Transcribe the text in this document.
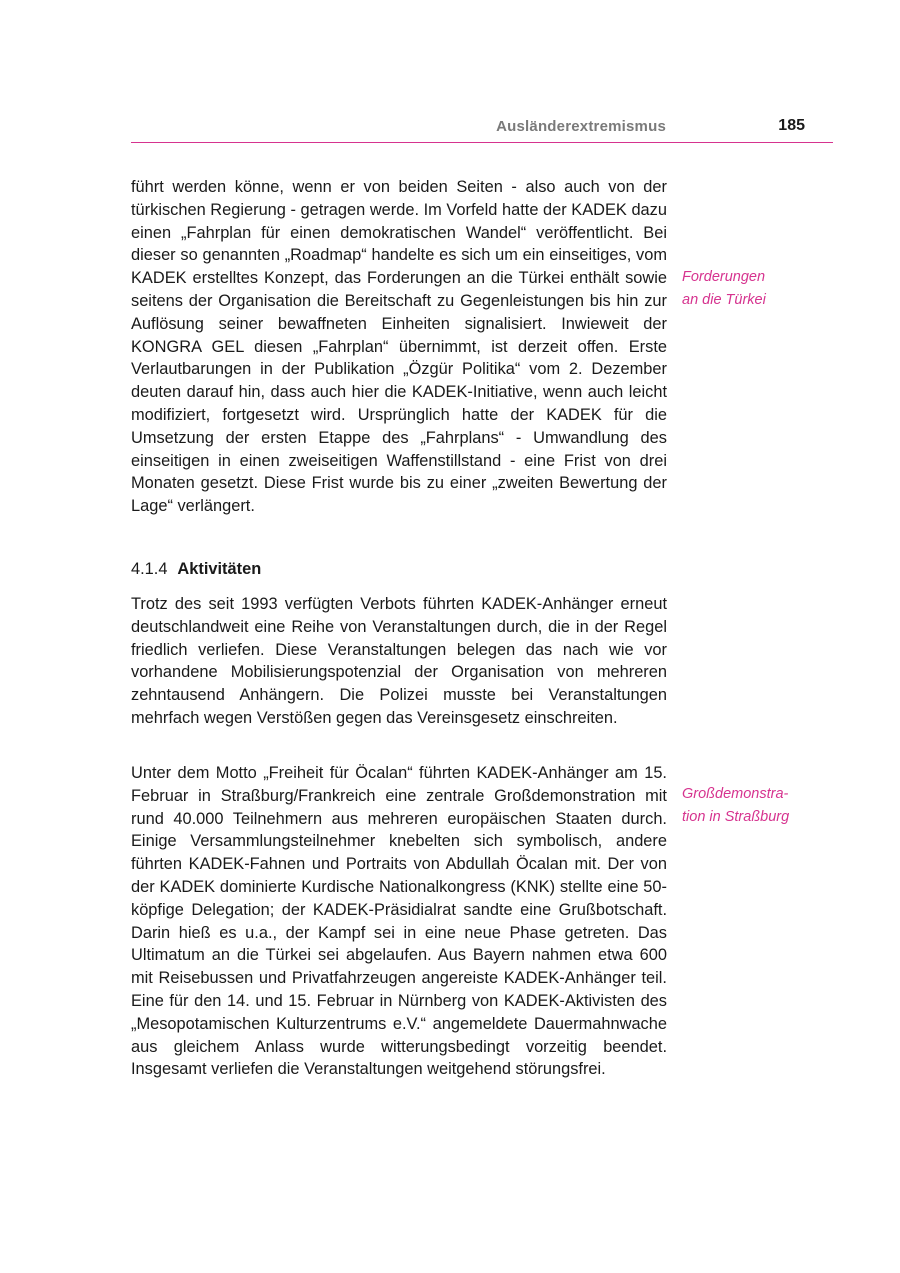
Ausländerextremismus	185

führt werden könne, wenn er von beiden Seiten - also auch von der türkischen Regierung - getragen werde. Im Vorfeld hatte der KADEK dazu einen „Fahrplan für einen demokratischen Wandel“ veröffentlicht. Bei dieser so genannten „Roadmap“ handelte es sich um ein einseitiges, vom KADEK erstelltes Konzept, das Forderungen an die Türkei enthält sowie seitens der Organisation die Bereitschaft zu Gegenleistungen bis hin zur Auflösung seiner bewaffneten Einheiten signalisiert. Inwieweit der KONGRA GEL diesen „Fahrplan“ übernimmt, ist derzeit offen. Erste Verlautbarungen in der Publikation „Özgür Politika“ vom 2. Dezember deuten darauf hin, dass auch hier die KADEK-Initiative, wenn auch leicht modifiziert, fortgesetzt wird. Ursprünglich hatte der KADEK für die Umsetzung der ersten Etappe des „Fahrplans“ - Umwandlung des einseitigen in einen zweiseitigen Waffenstillstand - eine Frist von drei Monaten gesetzt. Diese Frist wurde bis zu einer „zweiten Bewertung der Lage“ verlängert.

Forderungen
an die Türkei
4.1.4 Aktivitäten

Trotz des seit 1993 verfügten Verbots führten KADEK-Anhänger erneut deutschlandweit eine Reihe von Veranstaltungen durch, die in der Regel friedlich verliefen. Diese Veranstaltungen belegen das nach wie vor vorhandene Mobilisierungspotenzial der Organisation von mehreren zehntausend Anhängern. Die Polizei musste bei Veranstaltungen mehrfach wegen Verstößen gegen das Vereinsgesetz einschreiten.

Unter dem Motto „Freiheit für Öcalan“ führten KADEK-Anhänger am 15. Februar in Straßburg/Frankreich eine zentrale Großdemonstration mit rund 40.000 Teilnehmern aus mehreren europäischen Staaten durch. Einige Versammlungsteilnehmer knebelten sich symbolisch, andere führten KADEK-Fahnen und Portraits von Abdullah Öcalan mit. Der von der KADEK dominierte Kurdische Nationalkongress (KNK) stellte eine 50-köpfige Delegation; der KADEK-Präsidialrat sandte eine Grußbotschaft. Darin hieß es u.a., der Kampf sei in eine neue Phase getreten. Das Ultimatum an die Türkei sei abgelaufen. Aus Bayern nahmen etwa 600 mit Reisebussen und Privatfahrzeugen angereiste KADEK-Anhänger teil. Eine für den 14. und 15. Februar in Nürnberg von KADEK-Aktivisten des „Mesopotamischen Kulturzentrums e.V.“ angemeldete Dauermahnwache aus gleichem Anlass wurde witterungsbedingt vorzeitig beendet. Insgesamt verliefen die Veranstaltungen weitgehend störungsfrei.

Großdemonstra-
tion in Straßburg
